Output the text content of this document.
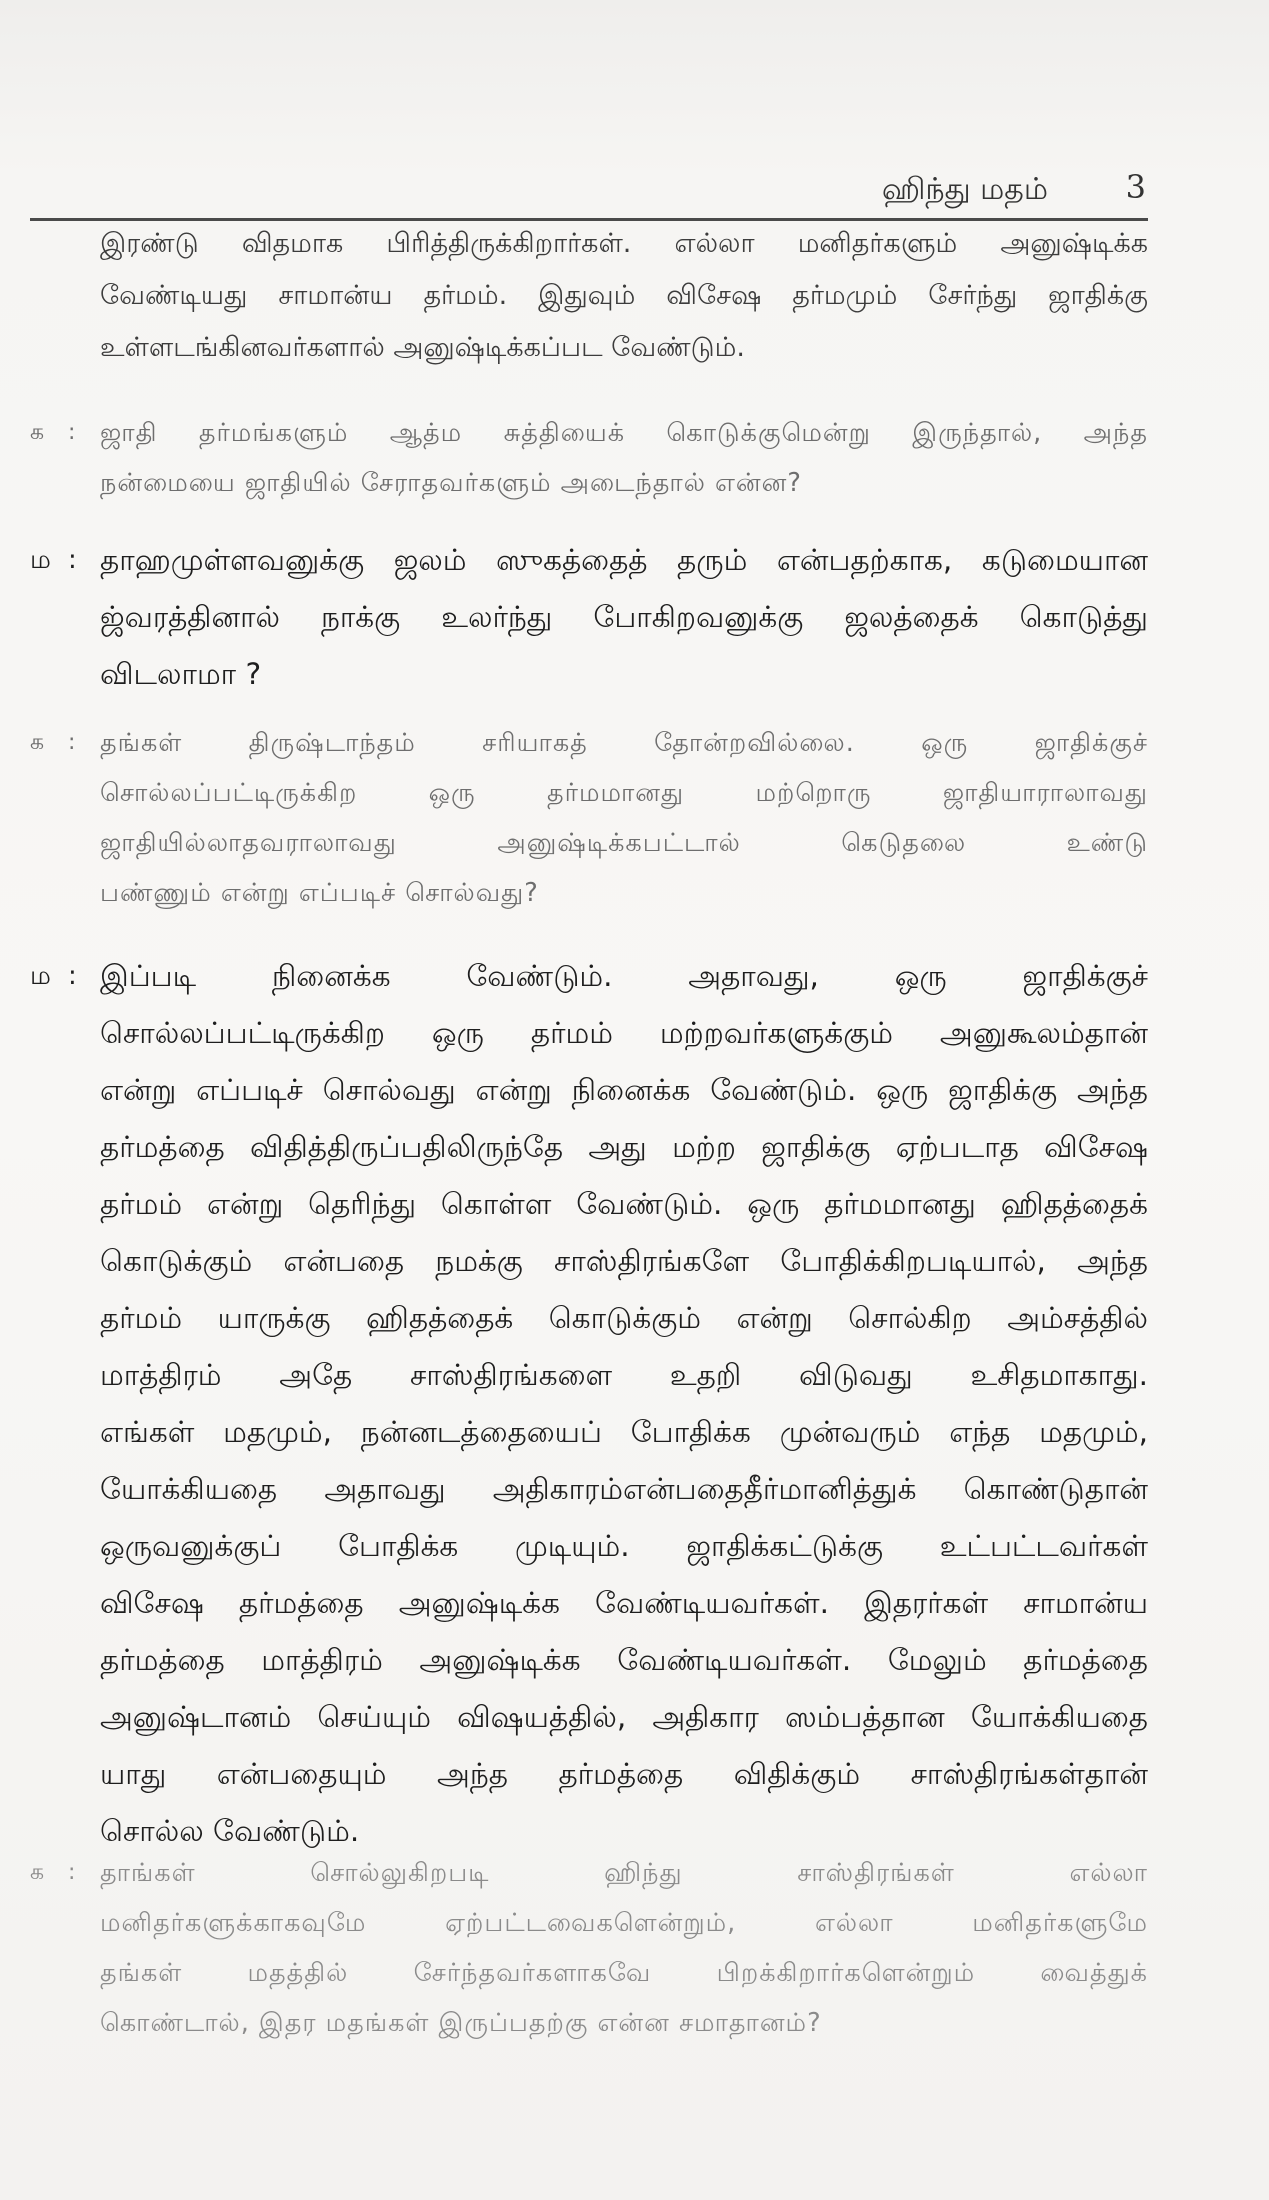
ஹிந்து மதம் 3
இரண்டு விதமாக பிரித்திருக்கிறார்கள். எல்லா மனிதர்களும் அனுஷ்டிக்க
வேண்டியது சாமான்ய தர்மம். இதுவும் விசேஷ தர்மமும் சேர்ந்து ஜாதிக்கு
உள்ளடங்கினவர்களால் அனுஷ்டிக்கப்பட வேண்டும்.
க : ஜாதி தர்மங்களும் ஆத்ம சுத்தியைக் கொடுக்குமென்று இருந்தால், அந்த
நன்மையை ஜாதியில் சேராதவர்களும் அடைந்தால் என்ன?
ம : தாஹமுள்ளவனுக்கு ஜலம் ஸுகத்தைத் தரும் என்பதற்காக, கடுமையான
ஜ்வரத்தினால் நாக்கு உலர்ந்து போகிறவனுக்கு ஜலத்தைக் கொடுத்து
விடலாமா ?
க : தங்கள் திருஷ்டாந்தம் சரியாகத் தோன்றவில்லை. ஒரு ஜாதிக்குச்
சொல்லப்பட்டிருக்கிற ஒரு தர்மமானது மற்றொரு ஜாதியாராலாவது
ஜாதியில்லாதவராலாவது அனுஷ்டிக்கபட்டால் கெடுதலை உண்டு
பண்ணும் என்று எப்படிச் சொல்வது?
ம : இப்படி நினைக்க வேண்டும். அதாவது, ஒரு ஜாதிக்குச்
சொல்லப்பட்டிருக்கிற ஒரு தர்மம் மற்றவர்களுக்கும் அனுகூலம்தான்
என்று எப்படிச் சொல்வது என்று நினைக்க வேண்டும். ஒரு ஜாதிக்கு அந்த
தர்மத்தை விதித்திருப்பதிலிருந்தே அது மற்ற ஜாதிக்கு ஏற்படாத விசேஷ
தர்மம் என்று தெரிந்து கொள்ள வேண்டும். ஒரு தர்மமானது ஹிதத்தைக்
கொடுக்கும் என்பதை நமக்கு சாஸ்திரங்களே போதிக்கிறபடியால், அந்த
தர்மம் யாருக்கு ஹிதத்தைக் கொடுக்கும் என்று சொல்கிற அம்சத்தில்
மாத்திரம் அதே சாஸ்திரங்களை உதறி விடுவது உசிதமாகாது.
எங்கள் மதமும், நன்னடத்தையைப் போதிக்க முன்வரும் எந்த மதமும்,
யோக்கியதை அதாவது அதிகாரம்என்பதைதீர்மானித்துக் கொண்டுதான்
ஒருவனுக்குப் போதிக்க முடியும். ஜாதிக்கட்டுக்கு உட்பட்டவர்கள்
விசேஷ தர்மத்தை அனுஷ்டிக்க வேண்டியவர்கள். இதரர்கள் சாமான்ய
தர்மத்தை மாத்திரம் அனுஷ்டிக்க வேண்டியவர்கள். மேலும் தர்மத்தை
அனுஷ்டானம் செய்யும் விஷயத்தில், அதிகார ஸம்பத்தான யோக்கியதை
யாது என்பதையும் அந்த தர்மத்தை விதிக்கும் சாஸ்திரங்கள்தான்
சொல்ல வேண்டும்.
க : தாங்கள் சொல்லுகிறபடி ஹிந்து சாஸ்திரங்கள் எல்லா
மனிதர்களுக்காகவுமே ஏற்பட்டவைகளென்றும், எல்லா மனிதர்களுமே
தங்கள் மதத்தில் சேர்ந்தவர்களாகவே பிறக்கிறார்களென்றும் வைத்துக்
கொண்டால், இதர மதங்கள் இருப்பதற்கு என்ன சமாதானம்?
